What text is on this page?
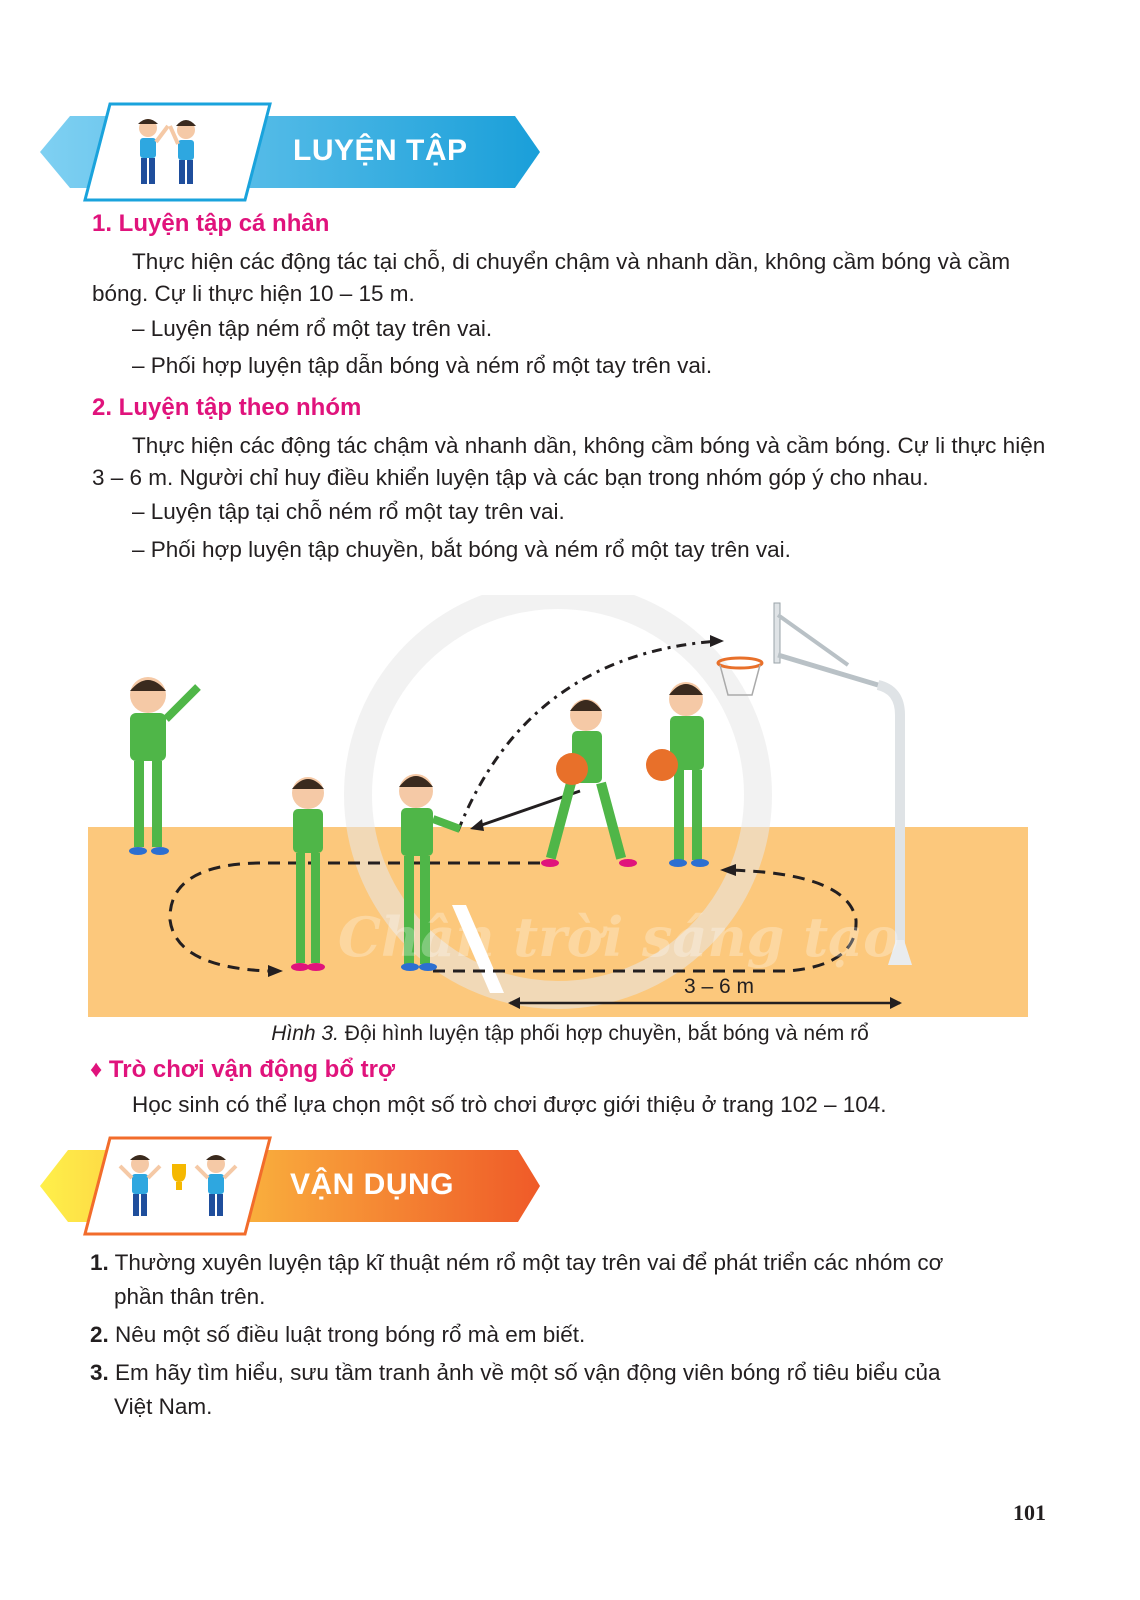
LUYỆN TẬP
1. Luyện tập cá nhân

Thực hiện các động tác tại chỗ, di chuyển chậm và nhanh dần, không cầm bóng và cầm bóng. Cự li thực hiện 10 – 15 m.

– Luyện tập ném rổ một tay trên vai.
– Phối hợp luyện tập dẫn bóng và ném rổ một tay trên vai.
2. Luyện tập theo nhóm

Thực hiện các động tác chậm và nhanh dần, không cầm bóng và cầm bóng. Cự li thực hiện 3 – 6 m. Người chỉ huy điều khiển luyện tập và các bạn trong nhóm góp ý cho nhau.

– Luyện tập tại chỗ ném rổ một tay trên vai.
– Phối hợp luyện tập chuyền, bắt bóng và ném rổ một tay trên vai.
Chân trời sáng tạo
3 – 6 m
Hình 3. Đội hình luyện tập phối hợp chuyền, bắt bóng và ném rổ
♦ Trò chơi vận động bổ trợ
Học sinh có thể lựa chọn một số trò chơi được giới thiệu ở trang 102 – 104.
VẬN DỤNG
1. Thường xuyên luyện tập kĩ thuật ném rổ một tay trên vai để phát triển các nhóm cơ
phần thân trên.
2. Nêu một số điều luật trong bóng rổ mà em biết.
3. Em hãy tìm hiểu, sưu tầm tranh ảnh về một số vận động viên bóng rổ tiêu biểu của
Việt Nam.
101
